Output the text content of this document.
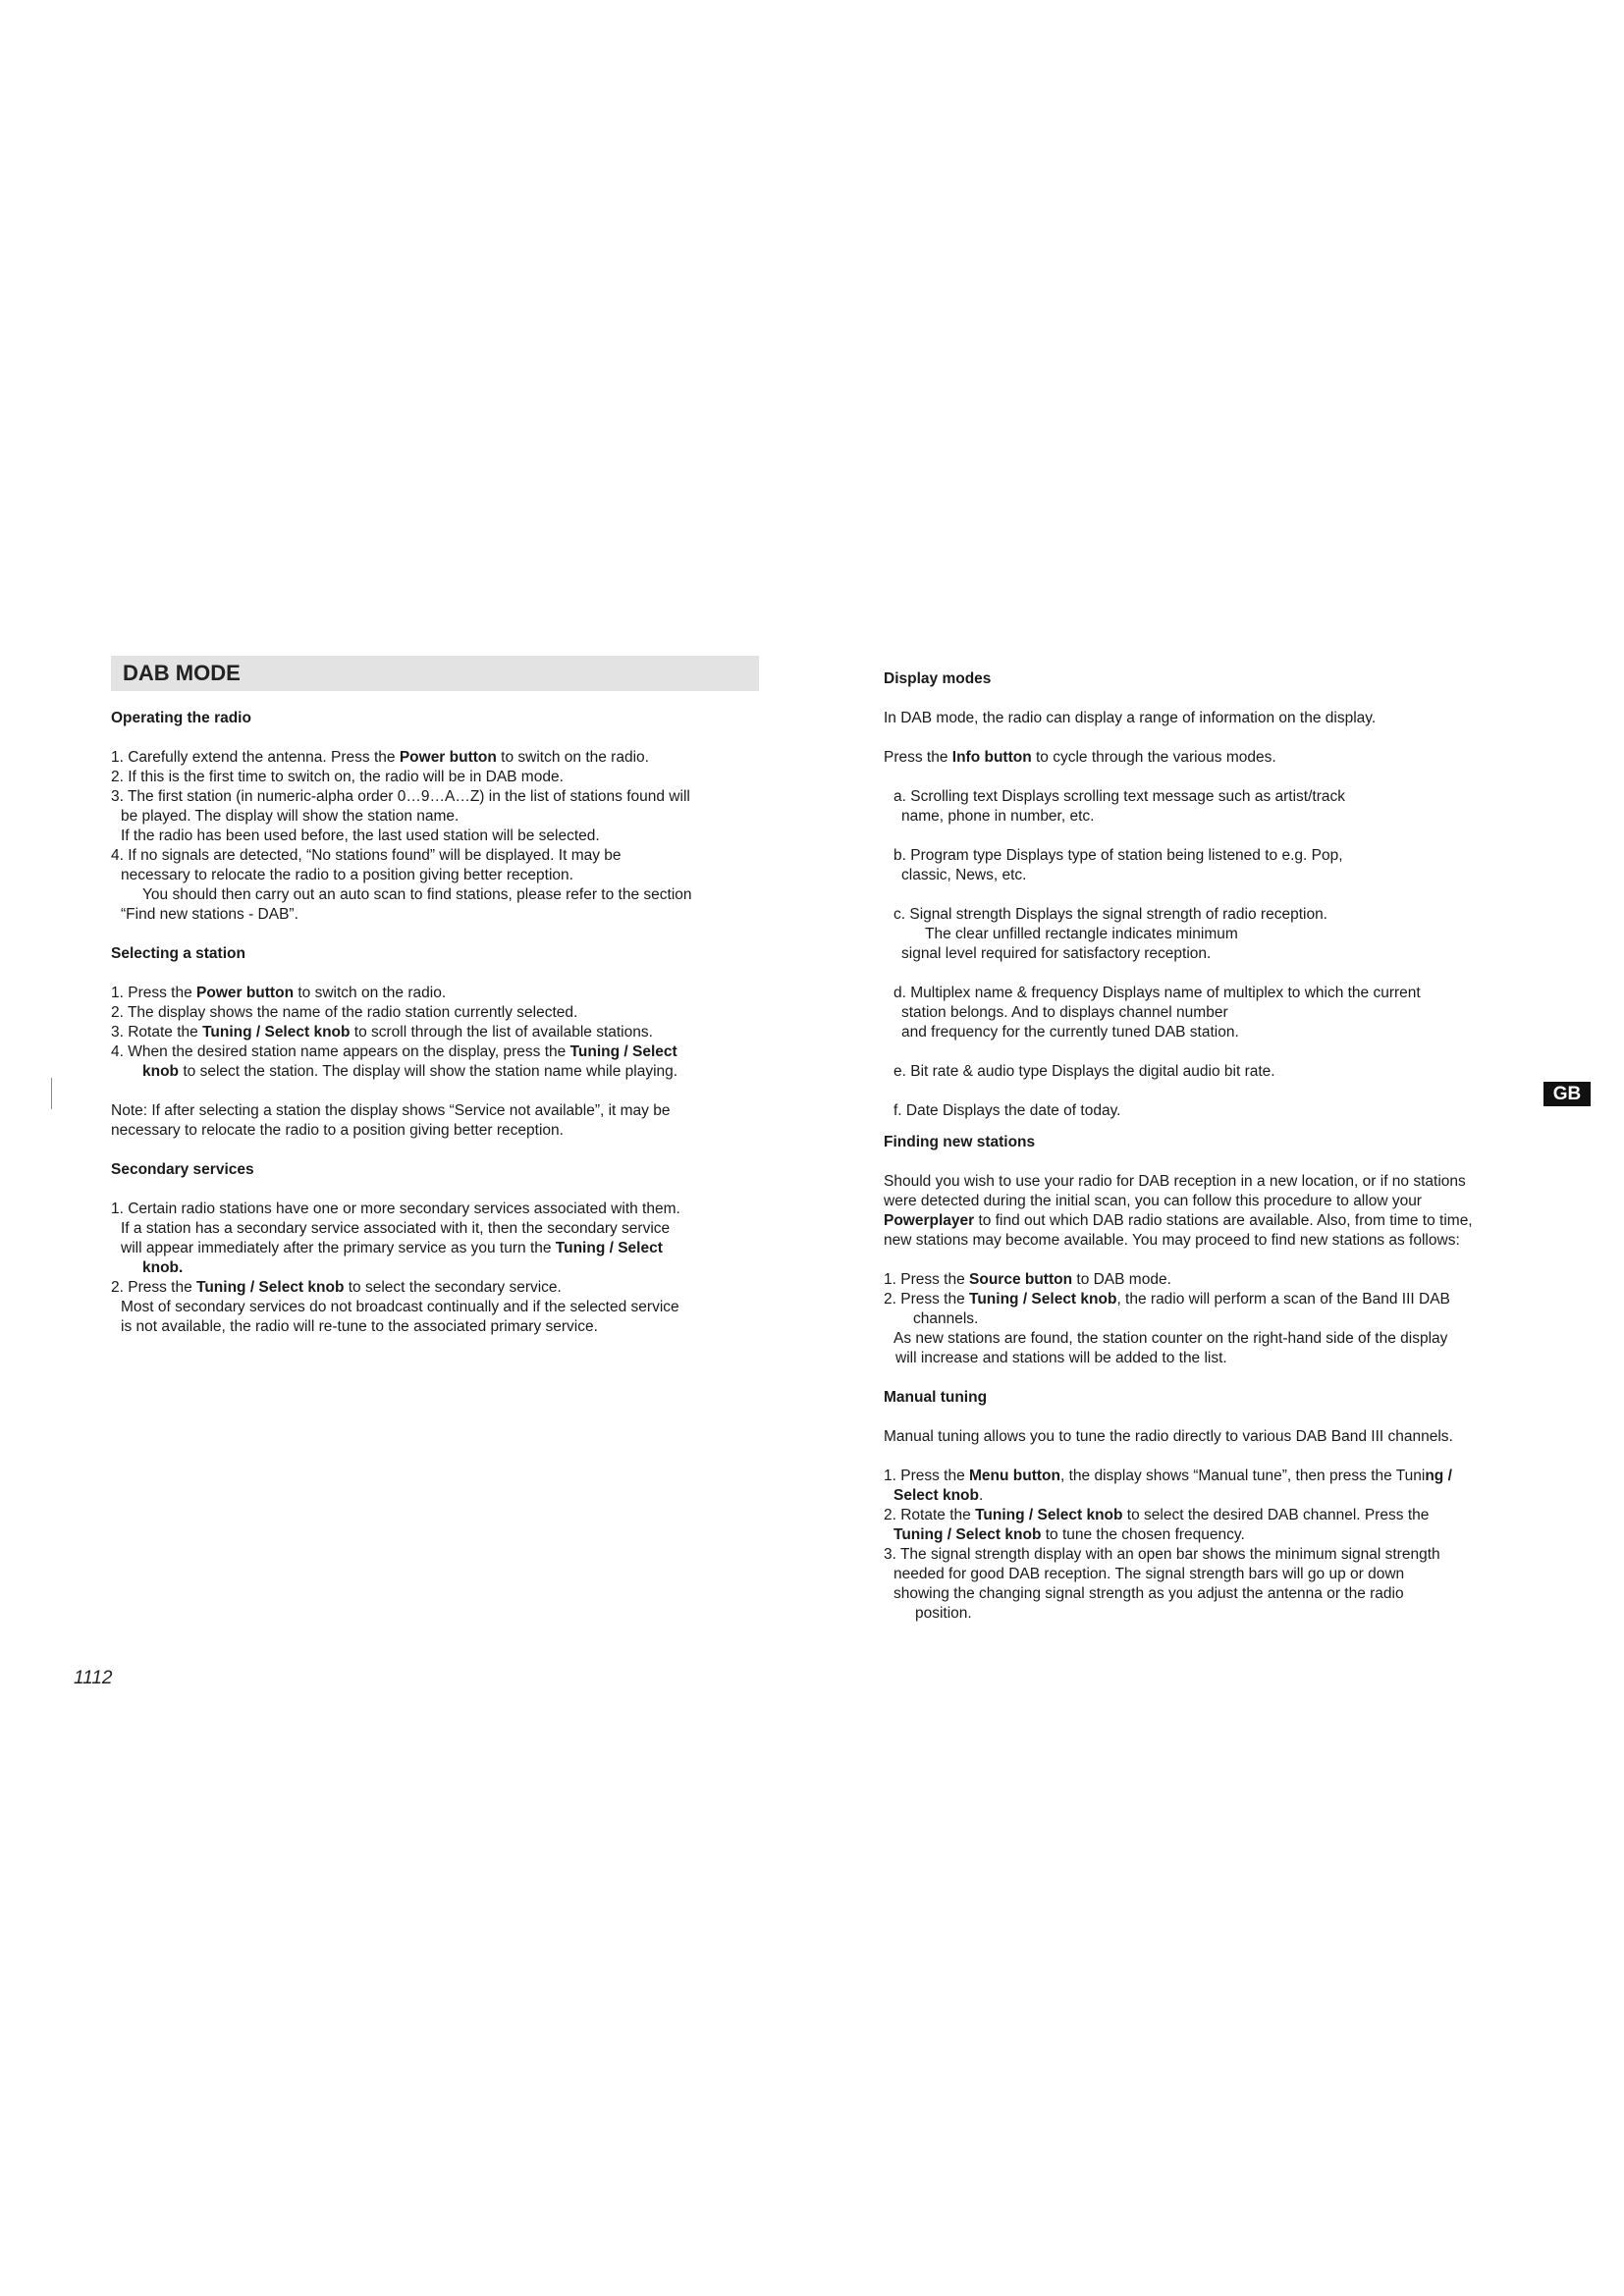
DAB MODE
Operating the radio
1. Carefully extend the antenna. Press the Power button to switch on the radio.
2. If this is the first time to switch on, the radio will be in DAB mode.
3. The first station (in numeric-alpha order 0…9…A…Z) in the list of stations found will
be played. The display will show the station name.
If the radio has been used before, the last used station will be selected.
4. If no signals are detected, “No stations found” will be displayed. It may be
necessary to relocate the radio to a position giving better reception.
You should then carry out an auto scan to find stations, please refer to the section
“Find new stations - DAB”.
Selecting a station
1. Press the Power button to switch on the radio.
2. The display shows the name of the radio station currently selected.
3. Rotate the Tuning / Select knob to scroll through the list of available stations.
4. When the desired station name appears on the display, press the Tuning / Select
knob to select the station. The display will show the station name while playing.
Note: If after selecting a station the display shows “Service not available”, it may be
necessary to relocate the radio to a position giving better reception.
Secondary services
1. Certain radio stations have one or more secondary services associated with them.
If a station has a secondary service associated with it, then the secondary service
will appear immediately after the primary service as you turn the Tuning / Select
knob.
2. Press the Tuning / Select knob to select the secondary service.
Most of secondary services do not broadcast continually and if the selected service
is not available, the radio will re-tune to the associated primary service.
Display modes

In DAB mode, the radio can display a range of information on the display.

Press the Info button to cycle through the various modes.

a. Scrolling text Displays scrolling text message such as artist/track
name, phone in number, etc.
b. Program type Displays type of station being listened to e.g. Pop,
classic, News, etc.
c. Signal strength Displays the signal strength of radio reception.
The clear unfilled rectangle indicates minimum
signal level required for satisfactory reception.
d. Multiplex name & frequency Displays name of multiplex to which the current
station belongs. And to displays channel number
and frequency for the currently tuned DAB station.
e. Bit rate & audio type Displays the digital audio bit rate.
f. Date Displays the date of today.
Finding new stations
Should you wish to use your radio for DAB reception in a new location, or if no stations
were detected during the initial scan, you can follow this procedure to allow your
Powerplayer to find out which DAB radio stations are available. Also, from time to time,
new stations may become available. You may proceed to find new stations as follows:
1. Press the Source button to DAB mode.
2. Press the Tuning / Select knob, the radio will perform a scan of the Band III DAB
channels.
As new stations are found, the station counter on the right-hand side of the display
will increase and stations will be added to the list.
Manual tuning

Manual tuning allows you to tune the radio directly to various DAB Band III channels.

1. Press the Menu button, the display shows “Manual tune”, then press the Tuning /
Select knob.
2. Rotate the Tuning / Select knob to select the desired DAB channel. Press the
Tuning / Select knob to tune the chosen frequency.
3. The signal strength display with an open bar shows the minimum signal strength
needed for good DAB reception. The signal strength bars will go up or down
showing the changing signal strength as you adjust the antenna or the radio
position.
GB
1112
